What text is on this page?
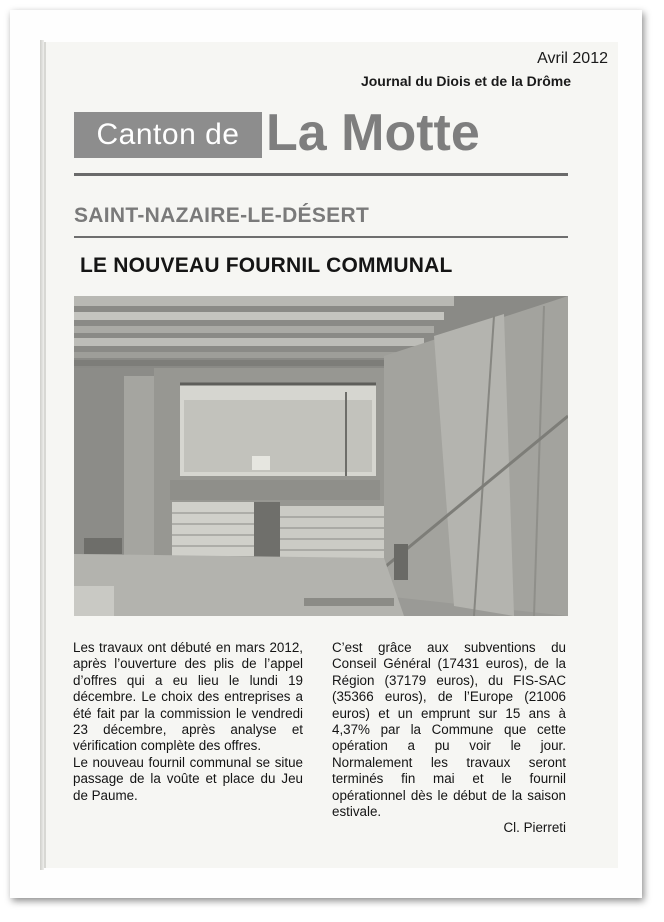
Avril 2012
Journal du Diois et de la Drôme
Canton de La Motte
SAINT-NAZAIRE-LE-DÉSERT
LE NOUVEAU FOURNIL COMMUNAL

Les travaux ont débuté en mars 2012, après l’ouverture des plis de l’appel d’offres qui a eu lieu le lundi 19 décembre. Le choix des entreprises a été fait par la commission le vendredi 23 décembre, après analyse et vérification complète des offres.

Le nouveau fournil communal se situe passage de la voûte et place du Jeu de Paume.

C’est grâce aux subventions du Conseil Général (17431 euros), de la Région (37179 euros), du FIS-SAC (35366 euros), de l’Europe (21006 euros) et un emprunt sur 15 ans à 4,37% par la Commune que cette opération a pu voir le jour. Normalement les travaux seront terminés fin mai et le fournil opérationnel dès le début de la saison estivale.

Cl. Pierreti
